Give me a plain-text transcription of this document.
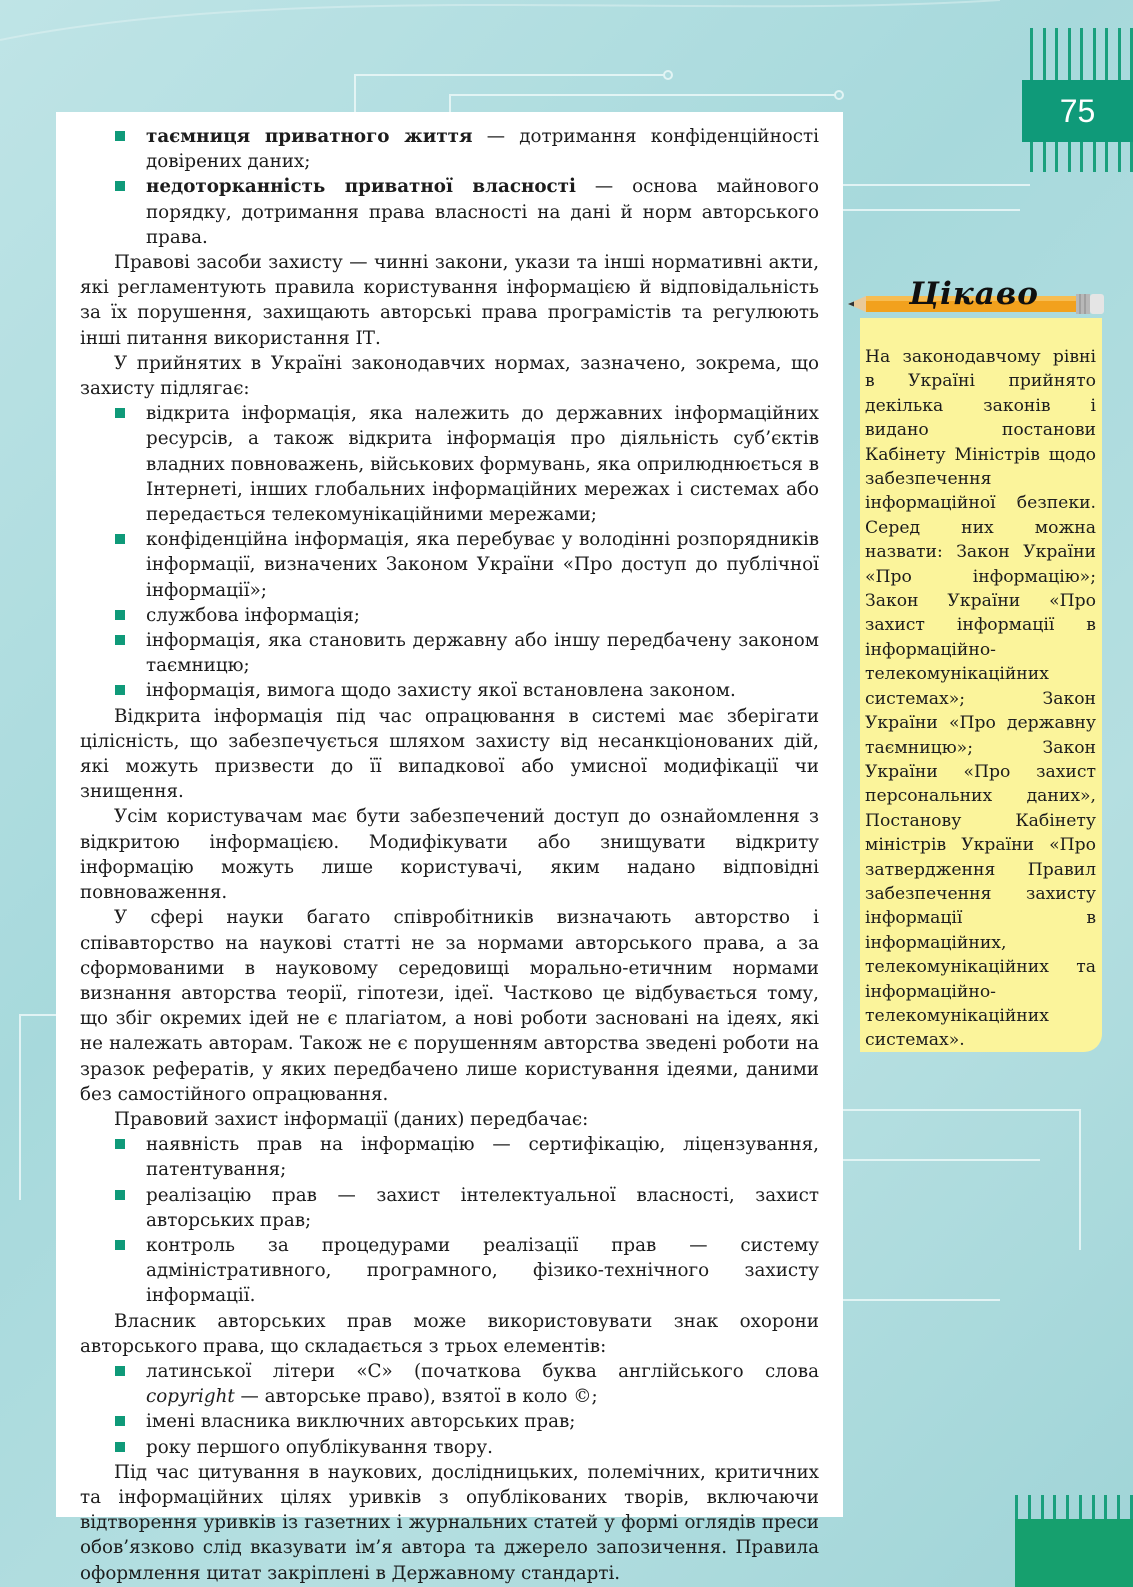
75
таємниця приватного життя — дотримання конфіденційності довірених даних;
недоторканність приватної власності — основа майнового порядку, дотримання права власності на дані й норм авторського права.

Правові засоби захисту — чинні закони, укази та інші нормативні акти, які регламентують правила користування інформацією й відповідальність за їх порушення, захищають авторські права програмістів та регулюють інші питання використання ІТ.

У прийнятих в Україні законодавчих нормах, зазначено, зокрема, що захисту підлягає:

відкрита інформація, яка належить до державних інформаційних ресурсів, а також відкрита інформація про діяльність суб’єктів владних повноважень, військових формувань, яка оприлюднюється в Інтернеті, інших глобальних інформаційних мережах і системах або передається телекомунікаційними мережами;
конфіденційна інформація, яка перебуває у володінні розпорядників інформації, визначених Законом України «Про доступ до публічної інформації»;
службова інформація;
інформація, яка становить державну або іншу передбачену законом таємницю;
інформація, вимога щодо захисту якої встановлена законом.

Відкрита інформація під час опрацювання в системі має зберігати цілісність, що забезпечується шляхом захисту від несанкціонованих дій, які можуть призвести до її випадкової або умисної модифікації чи знищення.

Усім користувачам має бути забезпечений доступ до ознайомлення з відкритою інформацією. Модифікувати або знищувати відкриту інформацію можуть лише користувачі, яким надано відповідні повноваження.

У сфері науки багато співробітників визначають авторство і співавторство на наукові статті не за нормами авторського права, а за сформованими в науковому середовищі морально-етичним нормами визнання авторства теорії, гіпотези, ідеї. Частково це відбувається тому, що збіг окремих ідей не є плагіатом, а нові роботи засновані на ідеях, які не належать авторам. Також не є порушенням авторства зведені роботи на зразок рефератів, у яких передбачено лише користування ідеями, даними без самостійного опрацювання.

Правовий захист інформації (даних) передбачає:

наявність прав на інформацію — сертифікацію, ліцензування, патентування;
реалізацію прав — захист інтелектуальної власності, захист авторських прав;
контроль за процедурами реалізації прав — систему адміністративного, програмного, фізико-технічного захисту інформації.

Власник авторських прав може використовувати знак охорони авторського права, що складається з трьох елементів:

латинської літери «С» (початкова буква англійського слова copyright — авторське право), взятої в коло ©;
імені власника виключних авторських прав;
року першого опублікування твору.

Під час цитування в наукових, дослідницьких, полемічних, критичних та інформаційних цілях уривків з опублікованих творів, включаючи відтворення уривків із газетних і журнальних статей у формі оглядів преси обов’язково слід вказувати ім’я автора та джерело запозичення. Правила оформлення цитат закріплені в Державному стандарті.

На законодавчому рівні в Україні прийнято декілька законів і видано постанови Кабінету Міністрів щодо забезпечення інформаційної безпеки. Серед них можна назвати: Закон України «Про інформацію»; Закон України «Про захист інформації в інформаційно-телекомунікаційних системах»; Закон України «Про державну таємницю»; Закон України «Про захист персональних даних», Постанову Кабінету міністрів України «Про затвердження Правил забезпечення захисту інформації в інформаційних, телекомунікаційних та інформаційно-телекомунікаційних системах».
Цікаво
